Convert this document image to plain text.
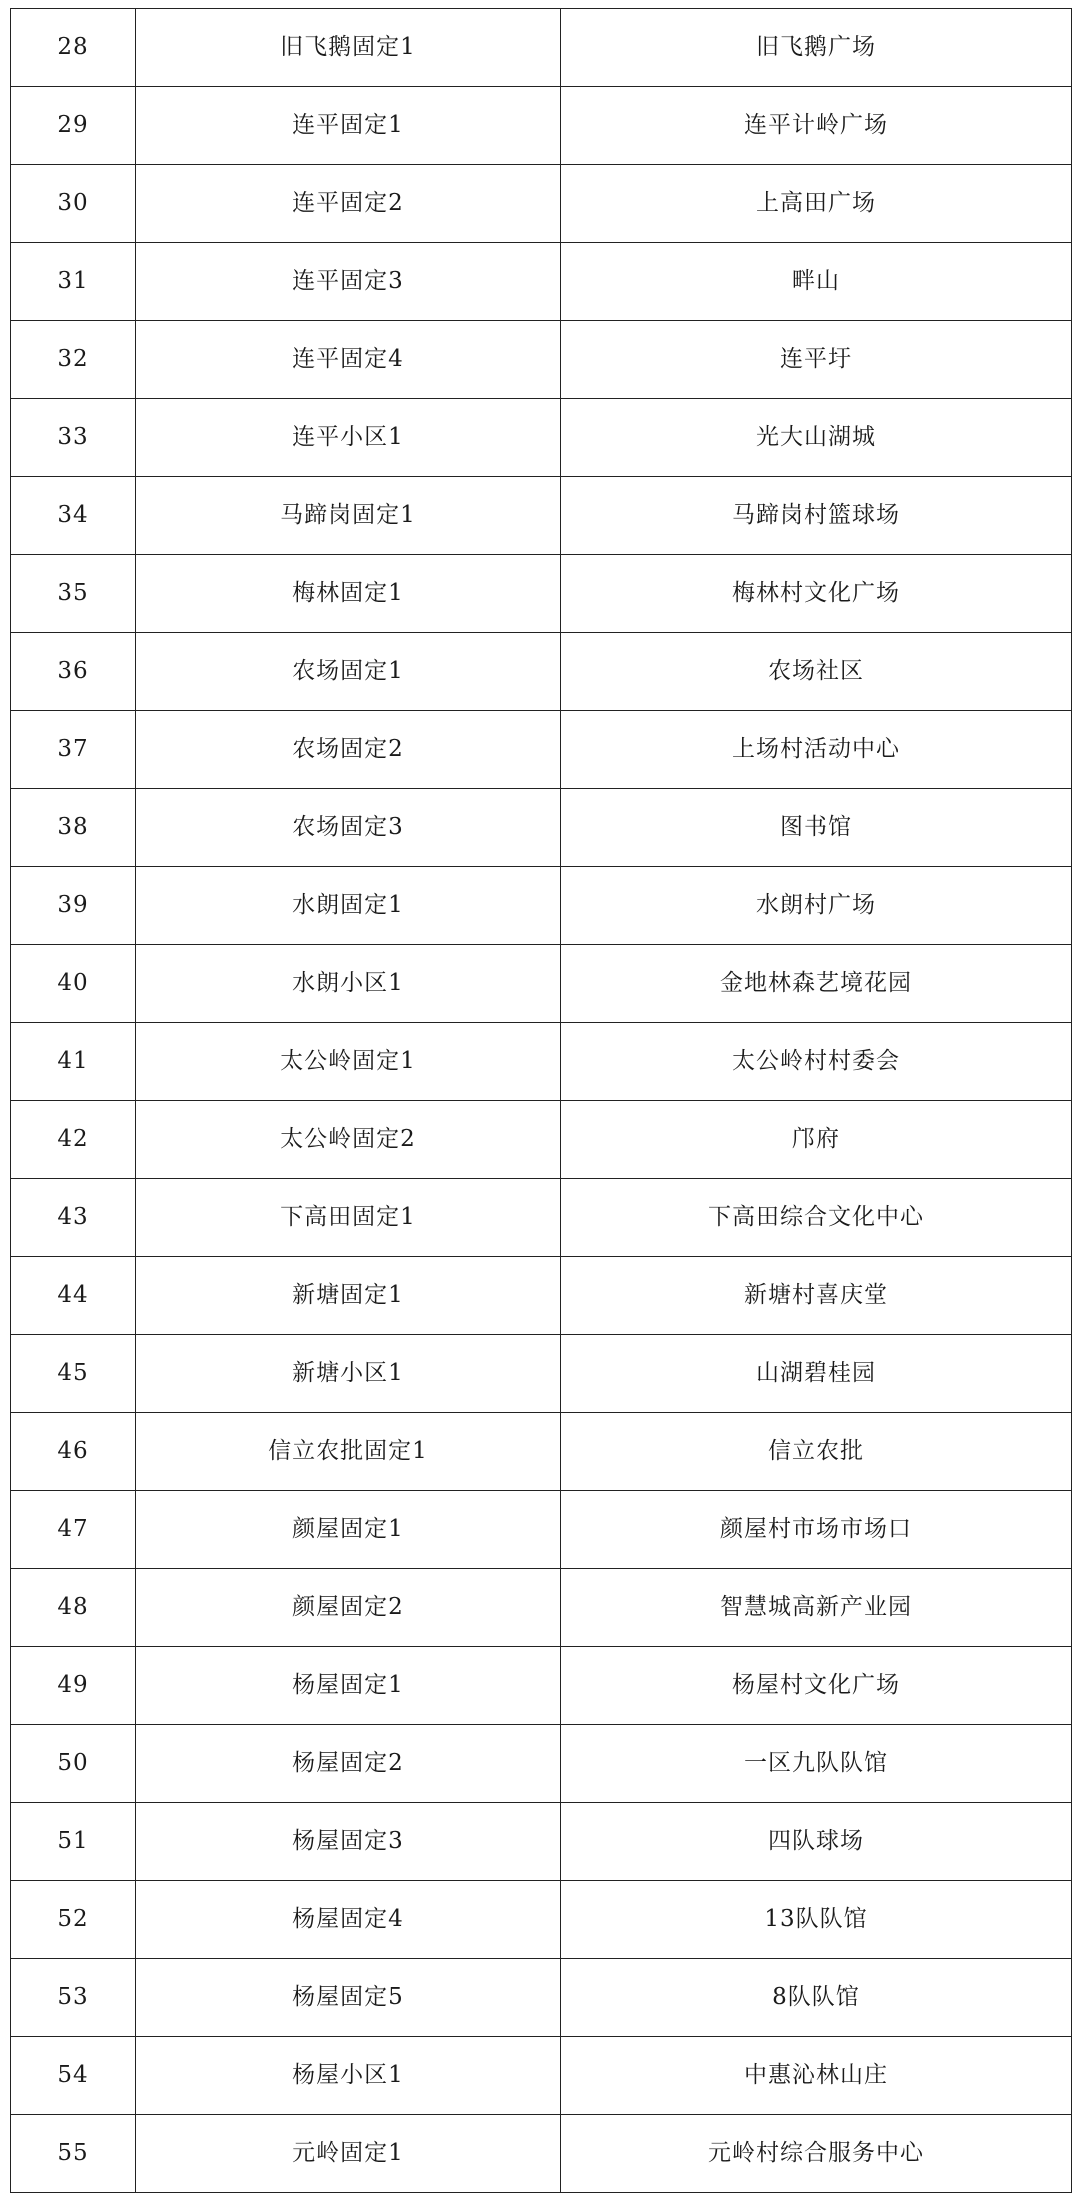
28	旧飞鹅固定1	旧飞鹅广场
29	连平固定1	连平计岭广场
30	连平固定2	上高田广场
31	连平固定3	畔山
32	连平固定4	连平圩
33	连平小区1	光大山湖城
34	马蹄岗固定1	马蹄岗村篮球场
35	梅林固定1	梅林村文化广场
36	农场固定1	农场社区
37	农场固定2	上场村活动中心
38	农场固定3	图书馆
39	水朗固定1	水朗村广场
40	水朗小区1	金地林森艺境花园
41	太公岭固定1	太公岭村村委会
42	太公岭固定2	邝府
43	下高田固定1	下高田综合文化中心
44	新塘固定1	新塘村喜庆堂
45	新塘小区1	山湖碧桂园
46	信立农批固定1	信立农批
47	颜屋固定1	颜屋村市场市场口
48	颜屋固定2	智慧城高新产业园
49	杨屋固定1	杨屋村文化广场
50	杨屋固定2	一区九队队馆
51	杨屋固定3	四队球场
52	杨屋固定4	13队队馆
53	杨屋固定5	8队队馆
54	杨屋小区1	中惠沁林山庄
55	元岭固定1	元岭村综合服务中心
